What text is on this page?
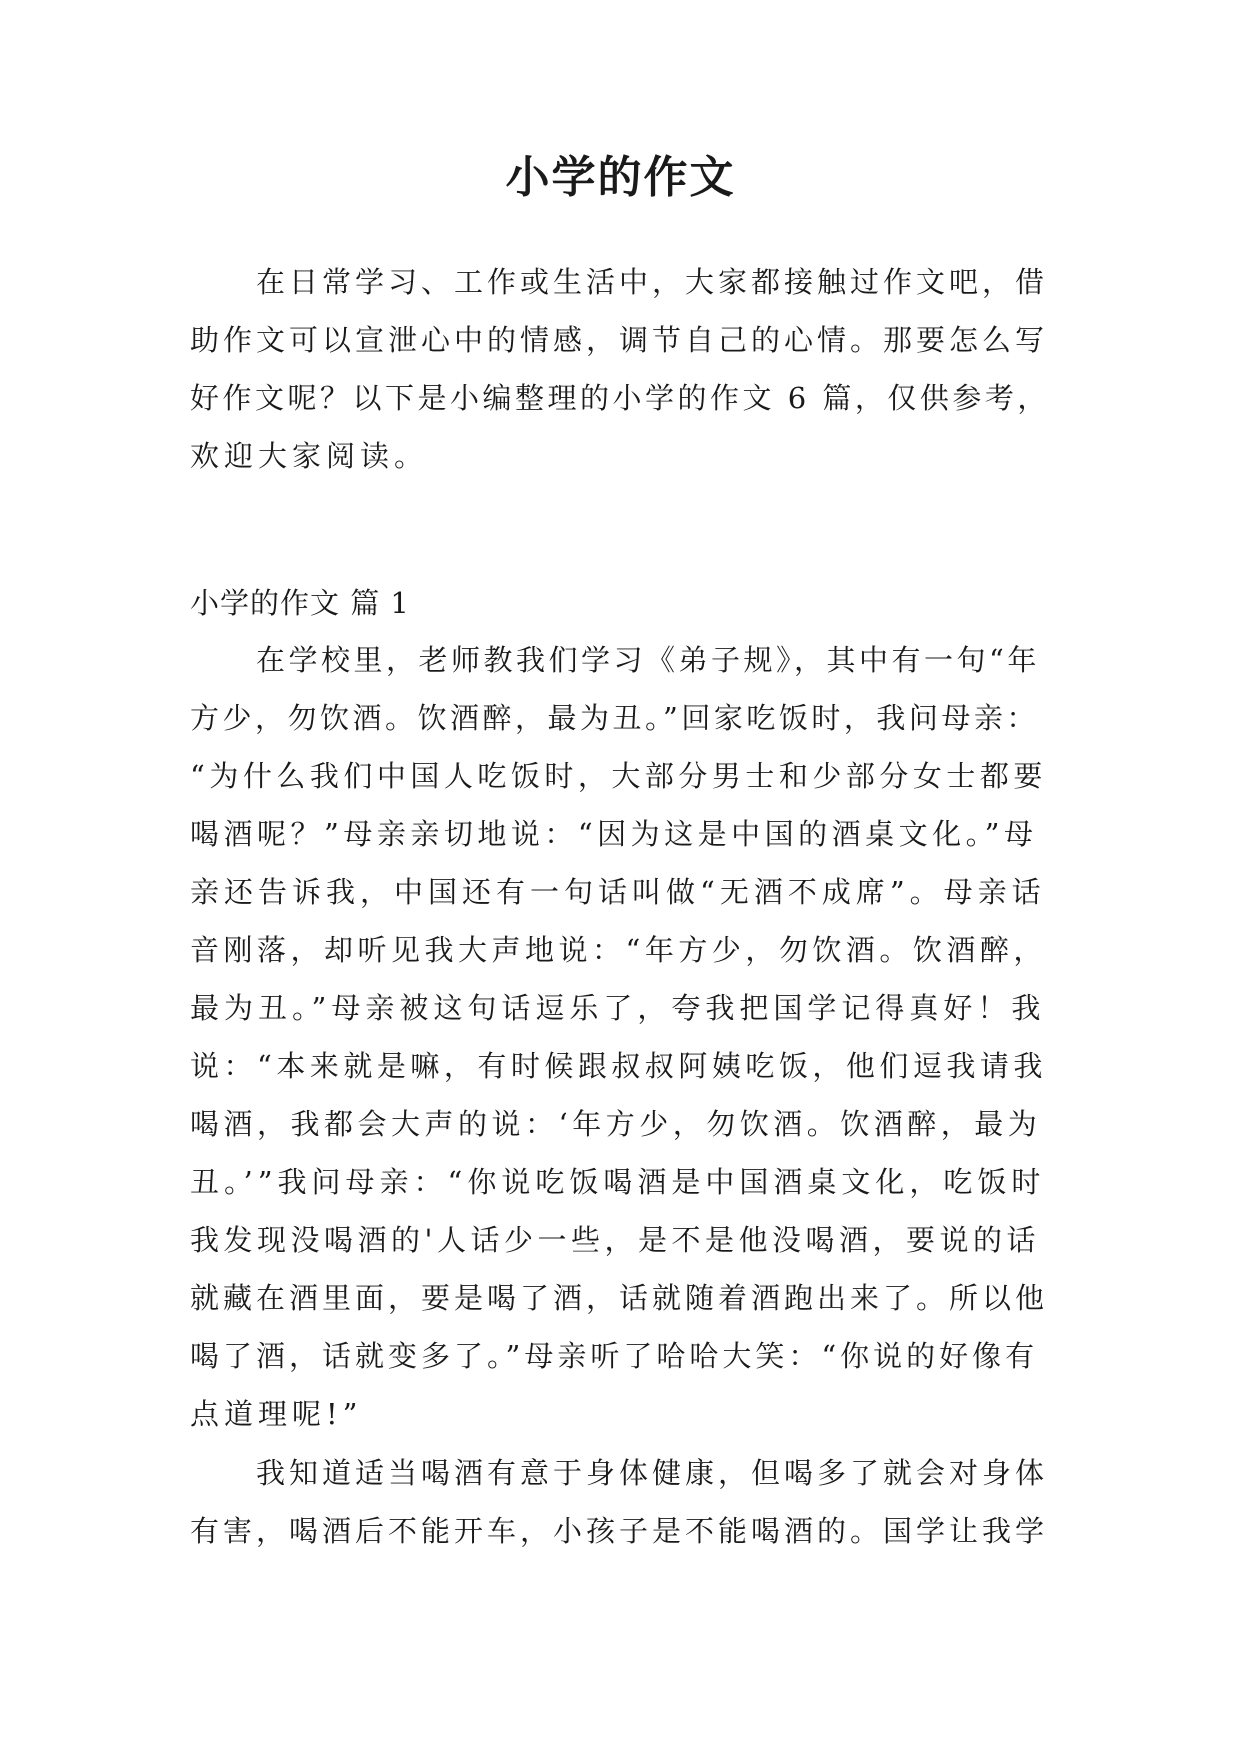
小学的作文
在日常学习、工作或生活中，大家都接触过作文吧，借
助作文可以宣泄心中的情感，调节自己的心情。那要怎么写
好作文呢？以下是小编整理的小学的作文 6 篇，仅供参考，
欢迎大家阅读。
小学的作文 篇 1
在学校里，老师教我们学习《弟子规》，其中有一句“年
方少，勿饮酒。饮酒醉，最为丑。”回家吃饭时，我问母亲：
“为什么我们中国人吃饭时，大部分男士和少部分女士都要
喝酒呢？”母亲亲切地说：“因为这是中国的酒桌文化。”母
亲还告诉我，中国还有一句话叫做“无酒不成席”。母亲话
音刚落，却听见我大声地说：“年方少，勿饮酒。饮酒醉，
最为丑。”母亲被这句话逗乐了，夸我把国学记得真好！我
说：“本来就是嘛，有时候跟叔叔阿姨吃饭，他们逗我请我
喝酒，我都会大声的说：‘年方少，勿饮酒。饮酒醉，最为
丑。’”我问母亲：“你说吃饭喝酒是中国酒桌文化，吃饭时
我发现没喝酒的'人话少一些，是不是他没喝酒，要说的话
就藏在酒里面，要是喝了酒，话就随着酒跑出来了。所以他
喝了酒，话就变多了。”母亲听了哈哈大笑：“你说的好像有
点道理呢!”
我知道适当喝酒有意于身体健康，但喝多了就会对身体
有害，喝酒后不能开车，小孩子是不能喝酒的。国学让我学
